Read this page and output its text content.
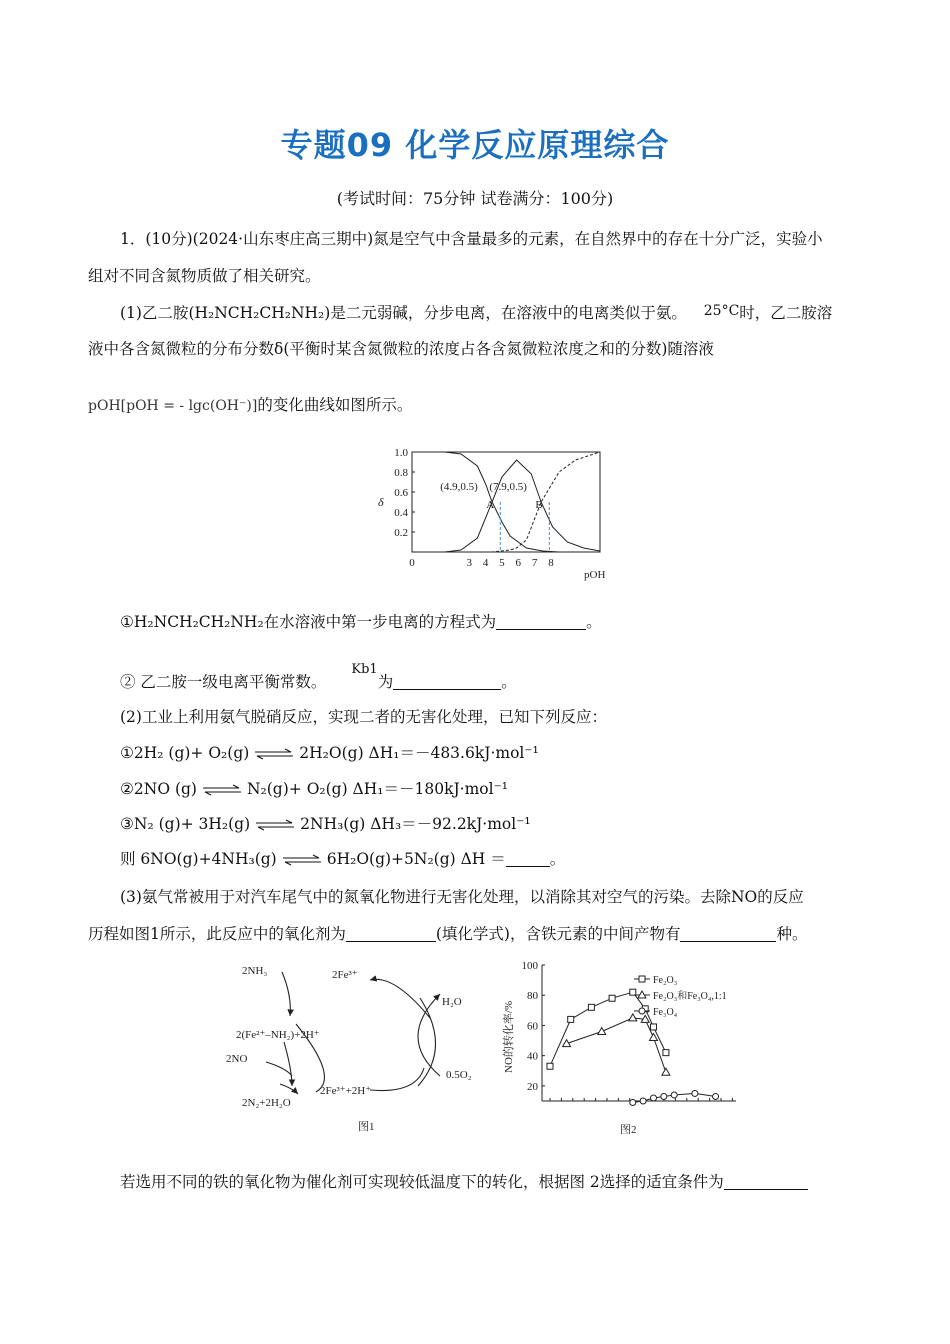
专题09 化学反应原理综合
(考试时间：75分钟 试卷满分：100分)
1．(10分)(2024·山东枣庄高三期中)氮是空气中含量最多的元素，在自然界中的存在十分广泛，实验小
组对不同含氮物质做了相关研究。
(1)乙二胺(H₂NCH₂CH₂NH₂)是二元弱碱，分步电离，在溶液中的电离类似于氨。 25°C时，乙二胺溶
液中各含氮微粒的分布分数δ(平衡时某含氮微粒的浓度占各含氮微粒浓度之和的分数)随溶液
pOH[pOH = - lgc(OH⁻)]的变化曲线如图所示。
0	3 4 5 6 7 8
0.2
0.4
0.6
0.8
1.0
pOH
δ
(4.9,0.5)
A
(7.9,0.5)
B
①H₂NCH₂CH₂NH₂在水溶液中第一步电离的方程式为	。
② 乙二胺一级电离平衡常数。 Kb1为	。
(2)工业上利用氨气脱硝反应，实现二者的无害化处理，已知下列反应：
①2H₂ (g)+ O₂(g) ⇌ 2H₂O(g) ΔH₁＝－483.6kJ·mol⁻¹
②2NO (g) ⇌ N₂(g)+ O₂(g) ΔH₁＝－180kJ·mol⁻¹
③N₂ (g)+ 3H₂(g) ⇌ 2NH₃(g) ΔH₃＝－92.2kJ·mol⁻¹
则 6NO(g)+4NH₃(g) ⇌ 6H₂O(g)+5N₂(g) ΔH ＝	。
(3)氨气常被用于对汽车尾气中的氮氧化物进行无害化处理，以消除其对空气的污染。去除NO的反应
历程如图1所示，此反应中的氧化剂为	(填化学式)，含铁元素的中间产物有	种。
2NH₃	2Fe³⁺
H₂O
2(Fe²⁺–NH₂)+2H⁺
2NO
2N₂+2H₂O
2Fe³⁺+2H⁺
0.5O₂
图1
20
40
60
80
100
NO的转化率/%
Fe₂O₃
Fe₂O₃和Fe₃O₄,1:1
Fe₃O₄
图2
若选用不同的铁的氧化物为催化剂可实现较低温度下的转化，根据图 2选择的适宜条件为
